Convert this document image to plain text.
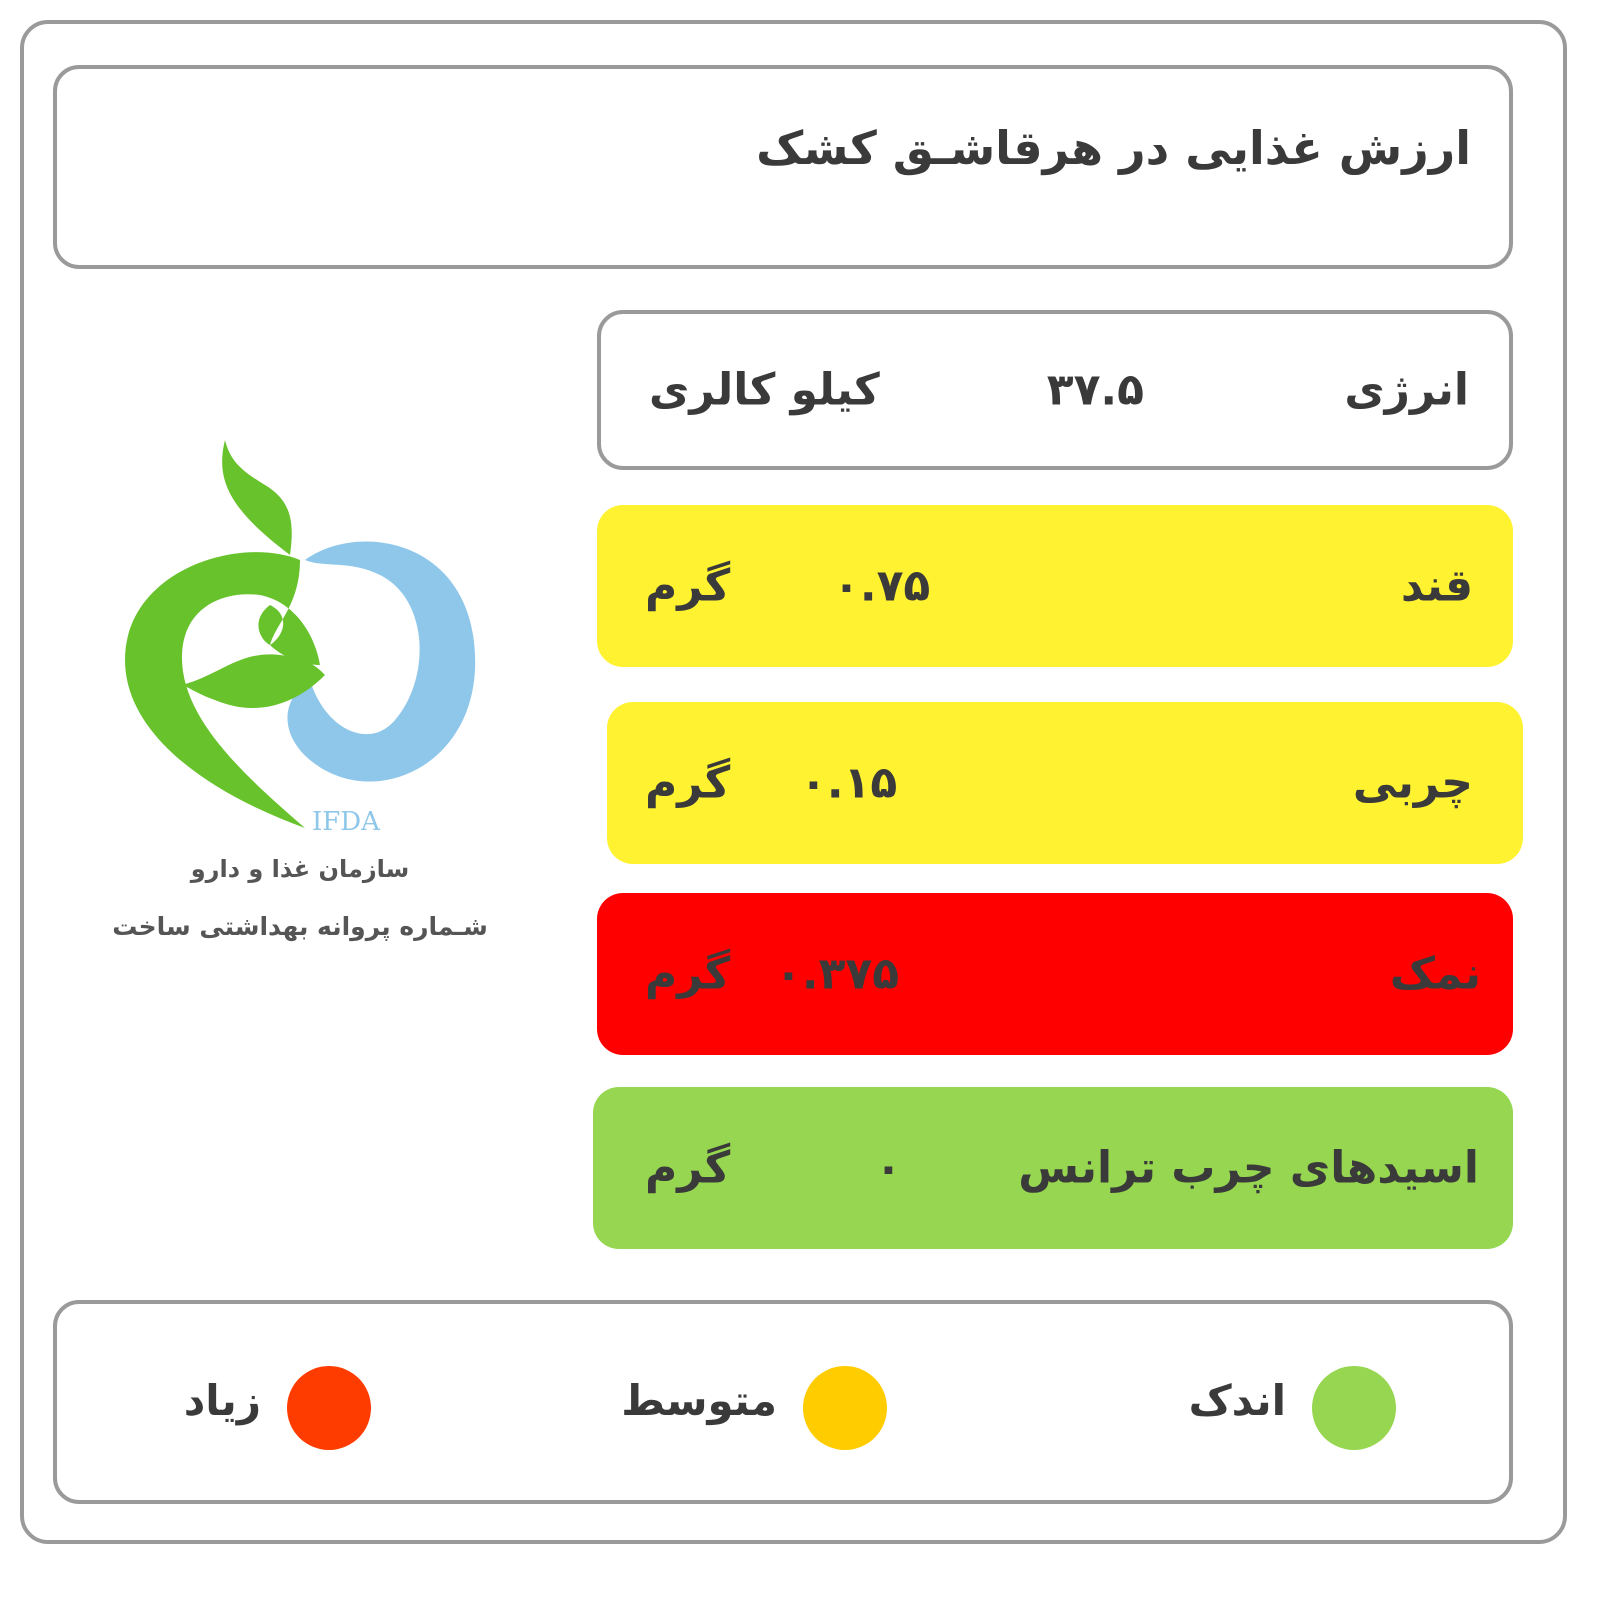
ارزش غذایی در هرقاشـق کشک
انرژی
۳۷.۵
کیلو کالری
قند
۰.۷۵
گرم
چربی
۰.۱۵
گرم
نمک
۰.۳۷۵
گرم
اسیدهای چرب ترانس
۰
گرم
IFDA
سازمان غذا و دارو
شـماره پروانه بهداشتی ساخت
اندک
متوسط
زیاد
